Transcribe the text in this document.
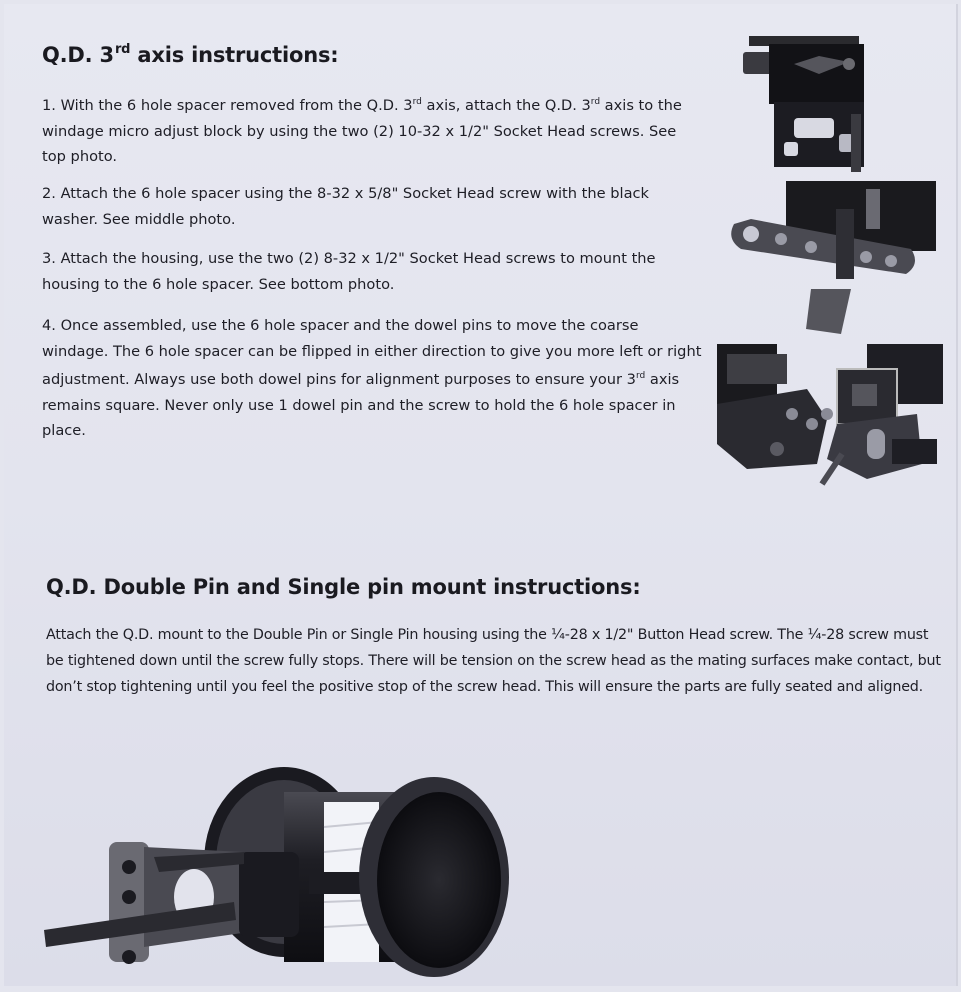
Q.D. 3rd axis instructions:
1. With the 6 hole spacer removed from the Q.D. 3rd axis, attach the Q.D. 3rd axis to the windage micro adjust block by using the two (2) 10-32 x 1/2" Socket Head screws. See top photo.
2. Attach the 6 hole spacer using the 8-32 x 5/8" Socket Head screw with the black washer. See middle photo.
3. Attach the housing, use the two (2) 8-32 x 1/2" Socket Head screws to mount the housing to the 6 hole spacer. See bottom photo.
4. Once assembled, use the 6 hole spacer and the dowel pins to move the coarse windage. The 6 hole spacer can be flipped in either direction to give you more left or right adjustment. Always use both dowel pins for alignment purposes to ensure your 3rd axis remains square. Never only use 1 dowel pin and the screw to hold the 6 hole spacer in place.
Q.D. Double Pin and Single pin mount instructions:
Attach the Q.D. mount to the Double Pin or Single Pin housing using the ¼-28 x 1/2" Button Head screw. The ¼-28 screw must be tightened down until the screw fully stops. There will be tension on the screw head as the mating surfaces make contact, but don’t stop tightening until you feel the positive stop of the screw head. This will ensure the parts are fully seated and aligned.
